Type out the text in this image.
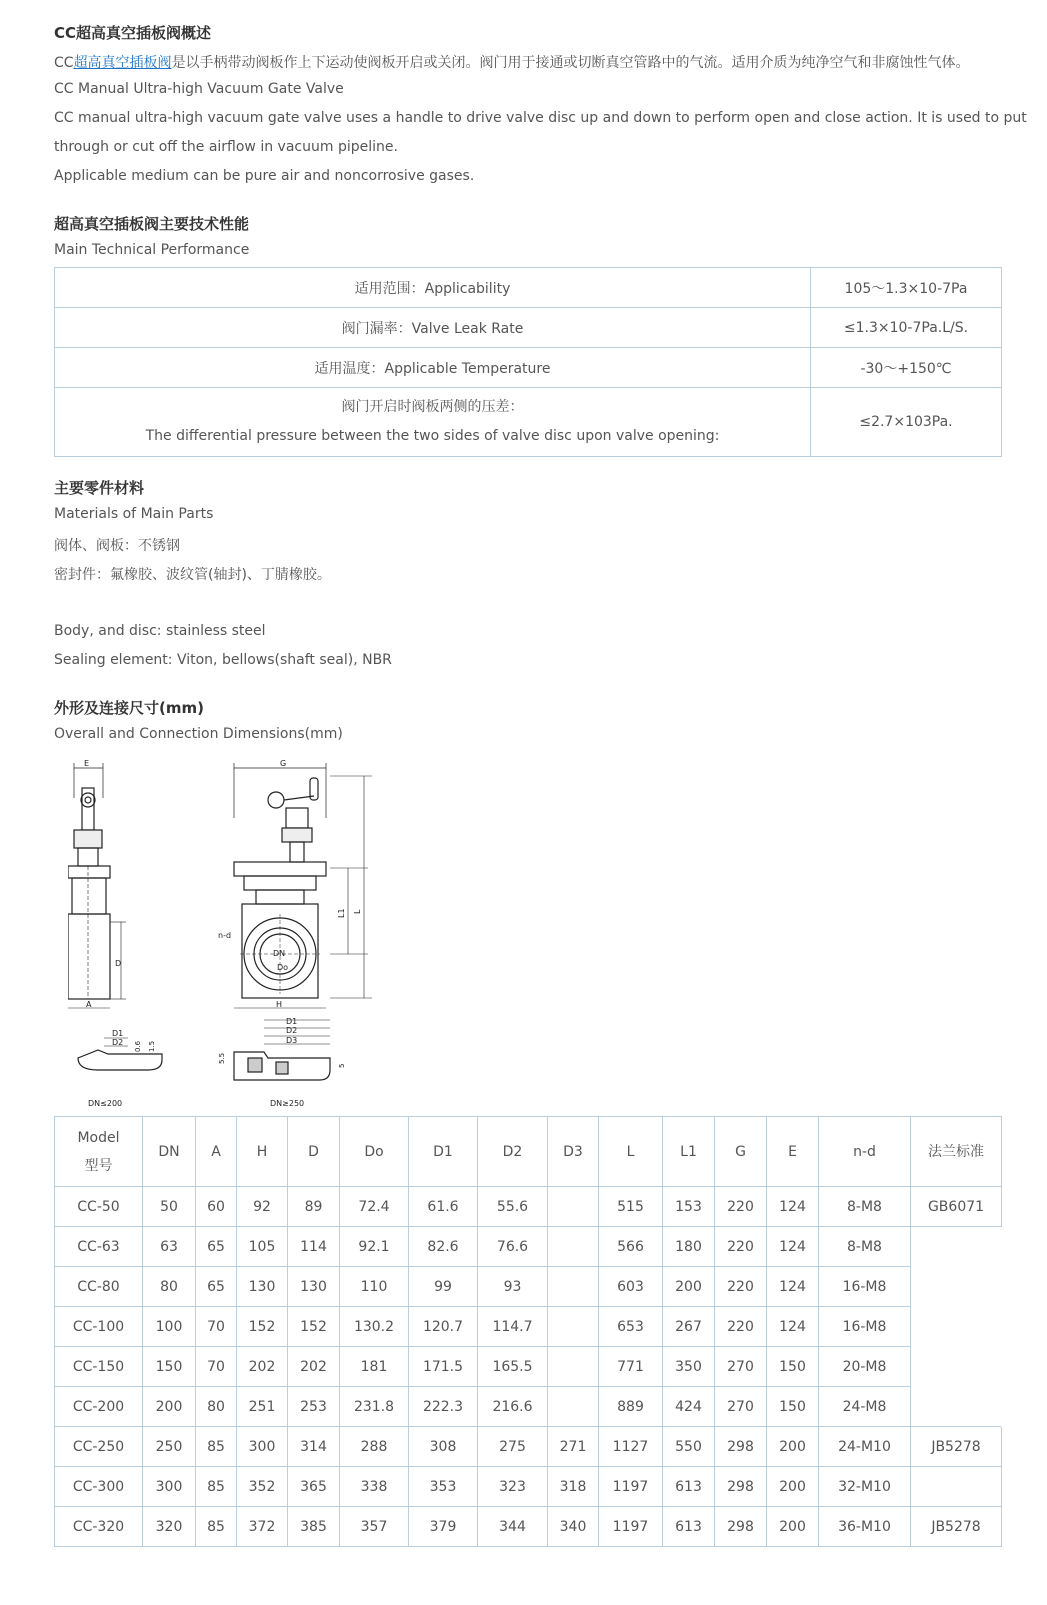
CC超高真空插板阀概述
CC超高真空插板阀是以手柄带动阀板作上下运动使阀板开启或关闭。阀门用于接通或切断真空管路中的气流。适用介质为纯净空气和非腐蚀性气体。
CC Manual Ultra-high Vacuum Gate Valve
CC manual ultra-high vacuum gate valve uses a handle to drive valve disc up and down to perform open and close action. It is used to put
through or cut off the airflow in vacuum pipeline.
Applicable medium can be pure air and noncorrosive gases.
超高真空插板阀主要技术性能
Main Technical Performance
适用范围：Applicability	105～1.3×10-7Pa
阀门漏率：Valve Leak Rate	≤1.3×10-7Pa.L/S.
适用温度：Applicable Temperature	-30～+150℃
阀门开启时阀板两侧的压差：
The differential pressure between the two sides of valve disc upon valve opening:	≤2.7×103Pa.
主要零件材料
Materials of Main Parts
阀体、阀板：不锈钢
密封件：氟橡胶、波纹管(轴封)、丁腈橡胶。
Body, and disc: stainless steel
Sealing element: Viton, bellows(shaft seal), NBR
外形及连接尺寸(mm)
Overall and Connection Dimensions(mm)
E
D
A
D1
D2 0.6 1.5
DN≤200
G
DN
Do
n-d
H
L1 L
D1
D2
D3
5.5
5
DN≥250
Model
型号	DN	A	H	D	Do	D1	D2	D3	L	L1	G	E	n-d	法兰标准
CC-50	50	60	92	89	72.4	61.6	55.6		515	153	220	124	8-M8	GB6071
CC-63	63	65	105	114	92.1	82.6	76.6		566	180	220	124	8-M8	
CC-80	80	65	130	130	110	99	93		603	200	220	124	16-M8	
CC-100	100	70	152	152	130.2	120.7	114.7		653	267	220	124	16-M8	
CC-150	150	70	202	202	181	171.5	165.5		771	350	270	150	20-M8	
CC-200	200	80	251	253	231.8	222.3	216.6		889	424	270	150	24-M8	
CC-250	250	85	300	314	288	308	275	271	1127	550	298	200	24-M10	JB5278
CC-300	300	85	352	365	338	353	323	318	1197	613	298	200	32-M10	
CC-320	320	85	372	385	357	379	344	340	1197	613	298	200	36-M10	JB5278
